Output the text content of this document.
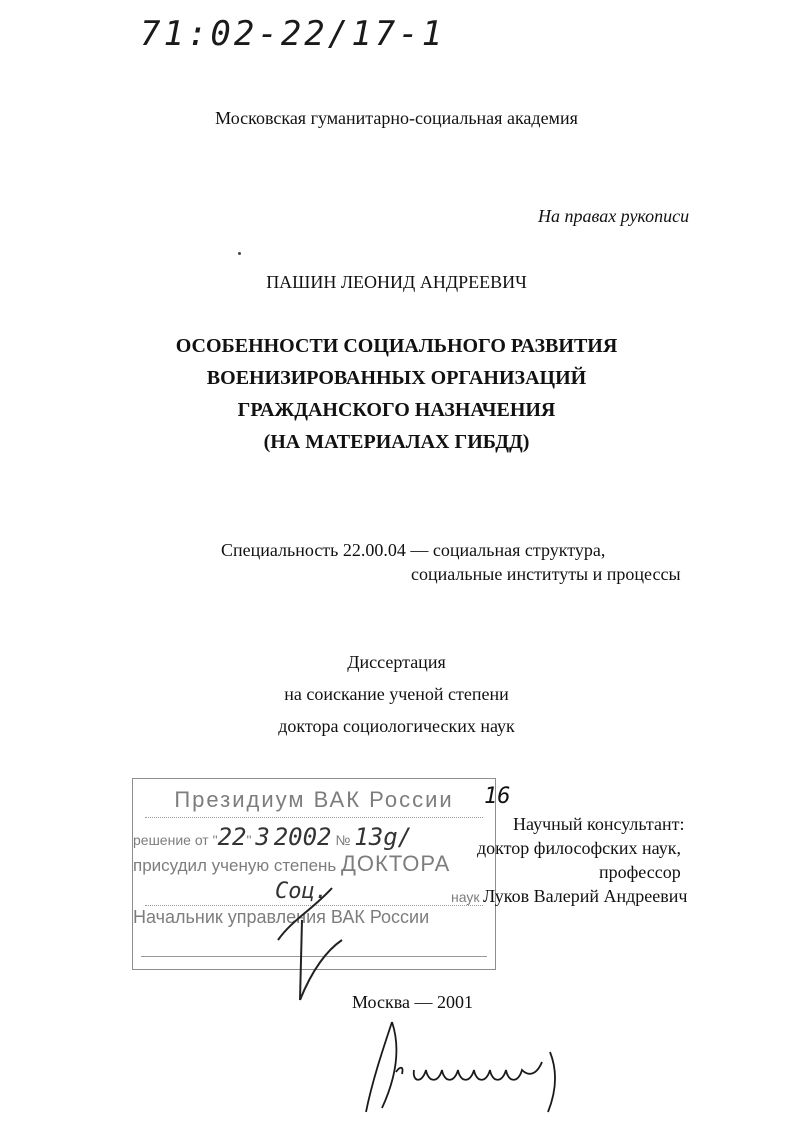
71:02-22/17-1
Московская гуманитарно-социальная академия
На правах рукописи
ПАШИН ЛЕОНИД АНДРЕЕВИЧ
ОСОБЕННОСТИ СОЦИАЛЬНОГО РАЗВИТИЯ
ВОЕНИЗИРОВАННЫХ ОРГАНИЗАЦИЙ
ГРАЖДАНСКОГО НАЗНАЧЕНИЯ
(НА МАТЕРИАЛАХ ГИБДД)
Специальность 22.00.04 — социальная структура,
социальные институты и процессы
Диссертация
на соискание ученой степени
доктора социологических наук
Президиум ВАК России
решение от "22" 3 2002 № 13g/
присудил ученую степень ДОКТОРА
Соц.	наук
Начальник управления ВАК России
16
Научный консультант:
доктор философских наук,
профессор
Луков Валерий Андреевич
Москва — 2001
